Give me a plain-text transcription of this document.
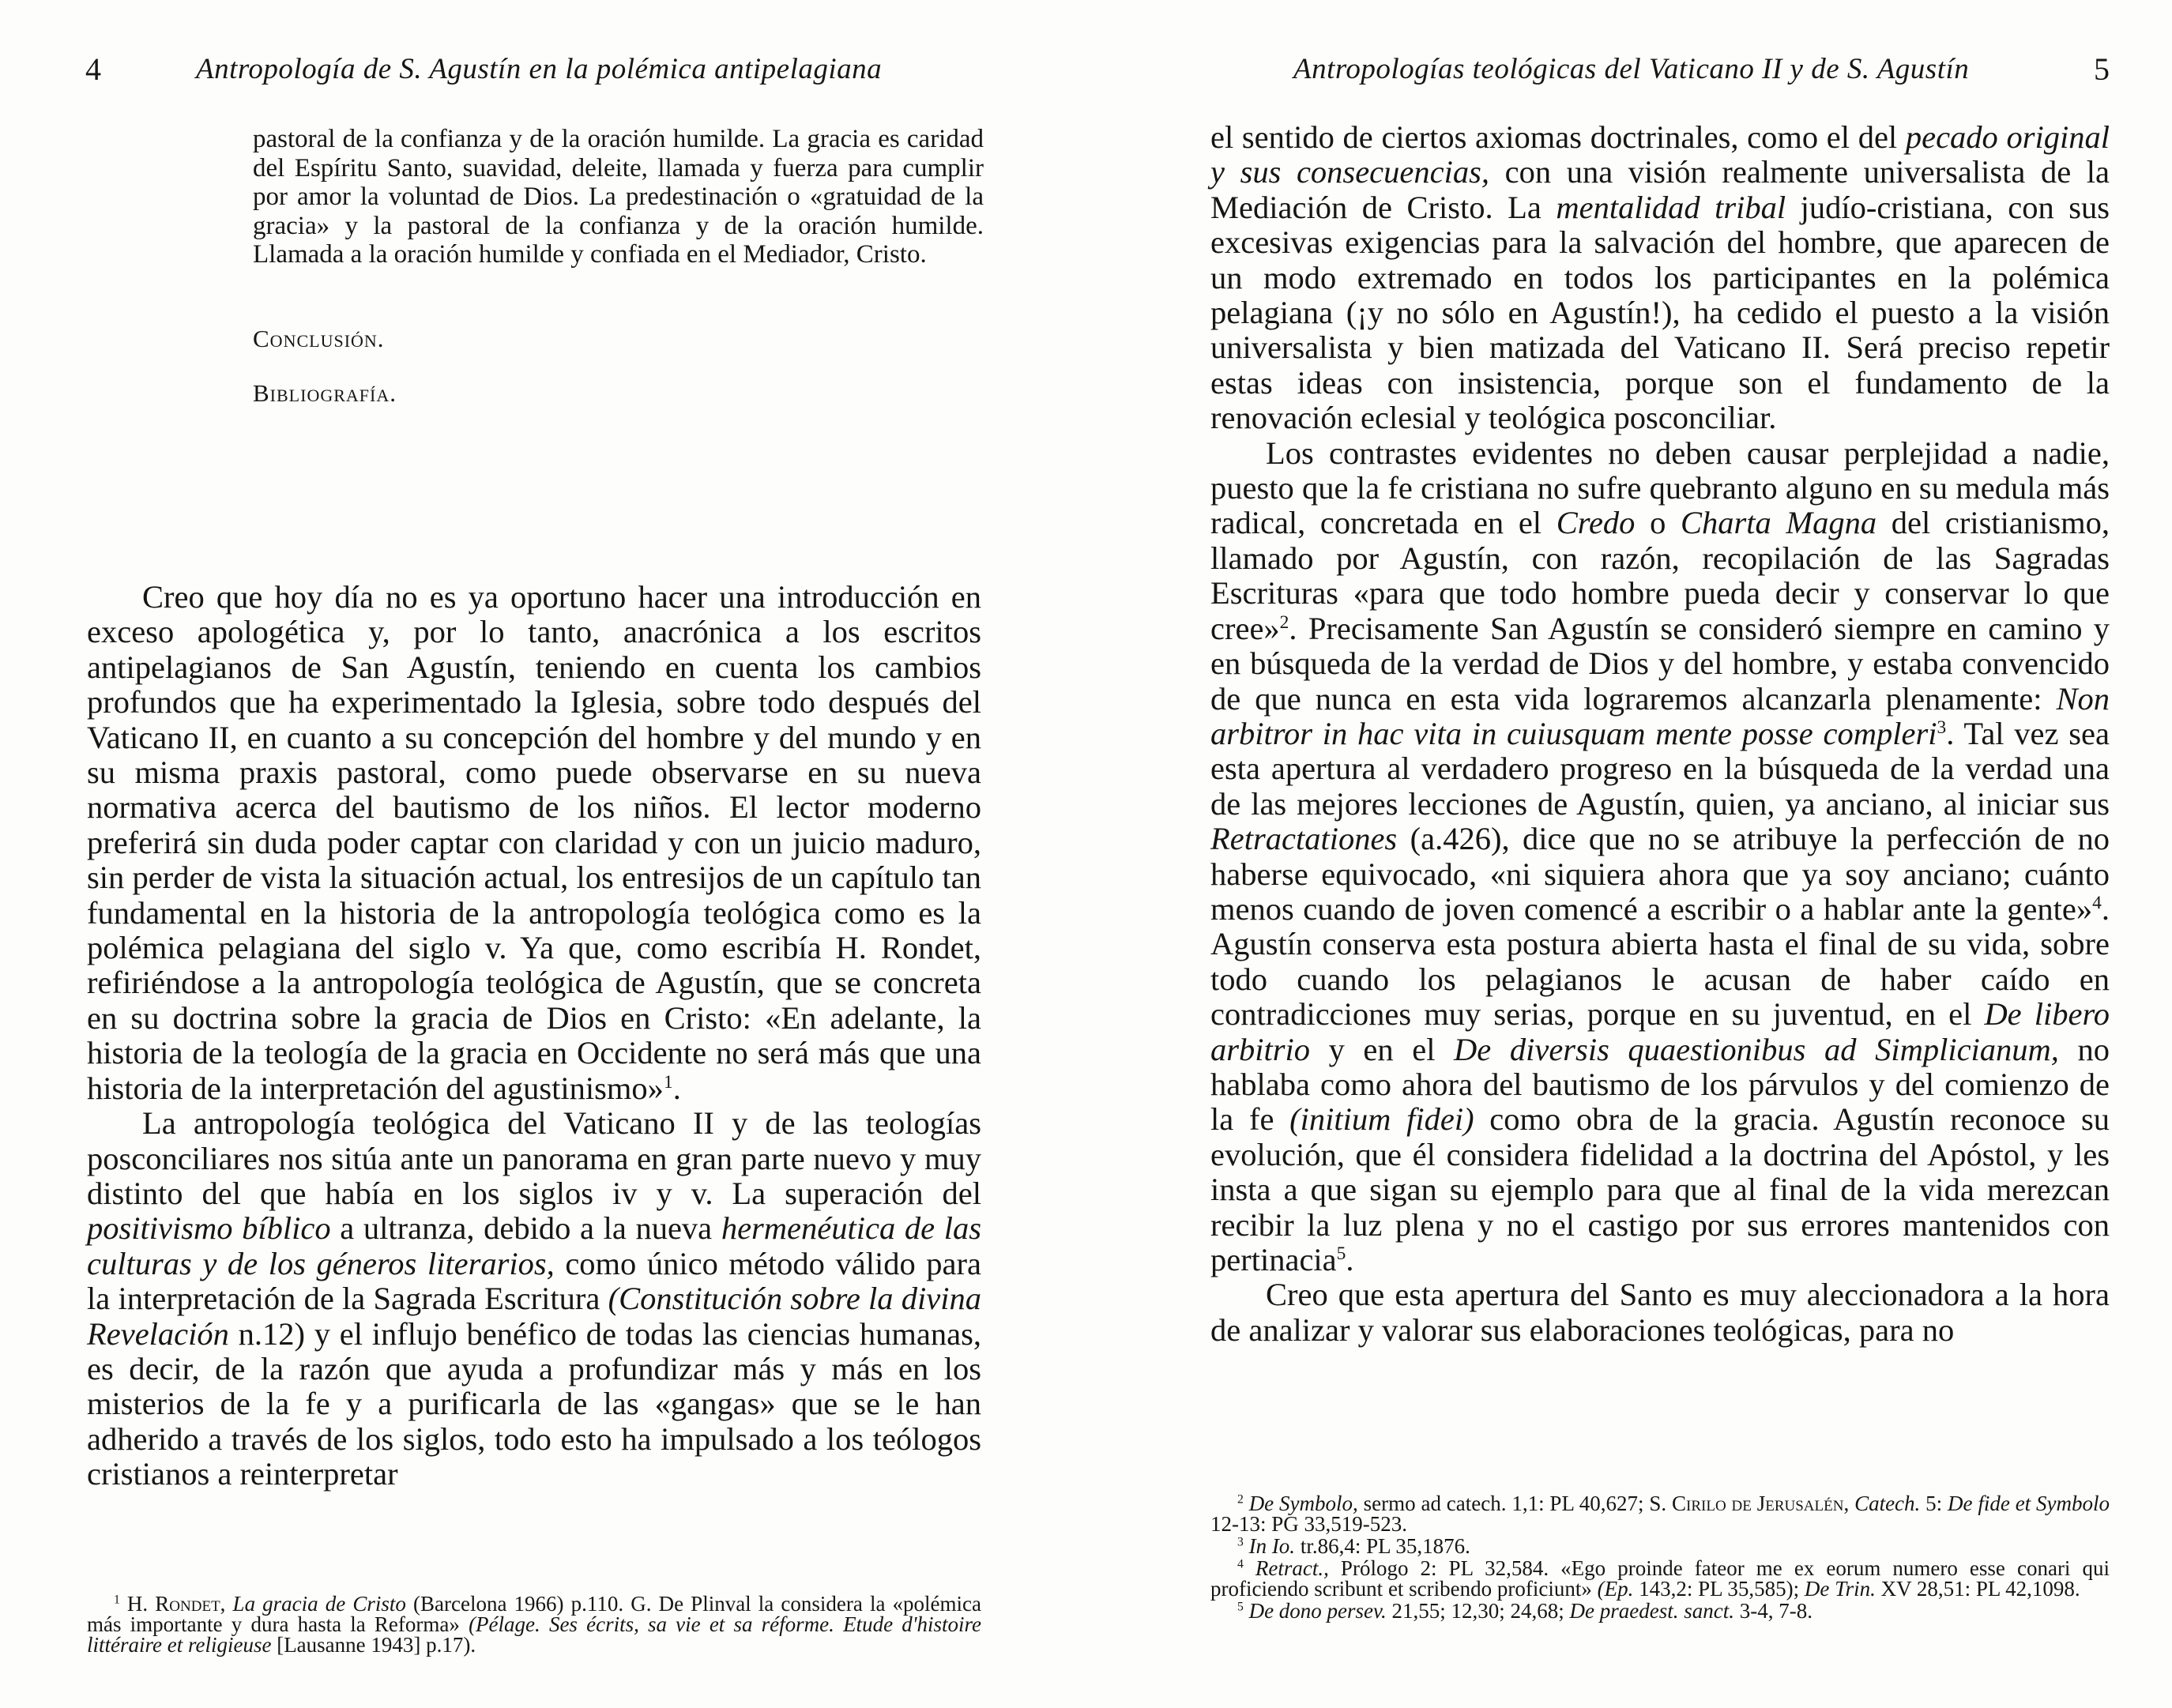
4	Antropología de S. Agustín en la polémica antipelagiana

pastoral de la confianza y de la oración humilde. La gracia es caridad del Espíritu Santo, suavidad, deleite, llamada y fuerza para cumplir por amor la voluntad de Dios. La predestinación o «gratuidad de la gracia» y la pastoral de la confianza y de la oración humilde. Llamada a la oración humilde y confiada en el Mediador, Cristo.

Conclusión.
Bibliografía.

Creo que hoy día no es ya oportuno hacer una introducción en exceso apologética y, por lo tanto, anacrónica a los escritos antipelagianos de San Agustín, teniendo en cuenta los cambios profundos que ha experimentado la Iglesia, sobre todo después del Vaticano II, en cuanto a su concepción del hombre y del mundo y en su misma praxis pastoral, como puede observarse en su nueva normativa acerca del bautismo de los niños. El lector moderno preferirá sin duda poder captar con claridad y con un juicio maduro, sin perder de vista la situación actual, los entresijos de un capítulo tan fundamental en la historia de la antropología teológica como es la polémica pelagiana del siglo v. Ya que, como escribía H. Rondet, refiriéndose a la antropología teológica de Agustín, que se concreta en su doctrina sobre la gracia de Dios en Cristo: «En adelante, la historia de la teología de la gracia en Occidente no será más que una historia de la interpretación del agustinismo»$^1$.

La antropología teológica del Vaticano II y de las teologías posconciliares nos sitúa ante un panorama en gran parte nuevo y muy distinto del que había en los siglos iv y v. La superación del positivismo bíblico a ultranza, debido a la nueva hermenéutica de las culturas y de los géneros literarios, como único método válido para la interpretación de la Sagrada Escritura (Constitución sobre la divina Revelación n.12) y el influjo benéfico de todas las ciencias humanas, es decir, de la razón que ayuda a profundizar más y más en los misterios de la fe y a purificarla de las «gangas» que se le han adherido a través de los siglos, todo esto ha impulsado a los teólogos cristianos a reinterpretar

$^1$ H. Rondet, La gracia de Cristo (Barcelona 1966) p.110. G. De Plinval la considera la «polémica más importante y dura hasta la Reforma» (Pélage. Ses écrits, sa vie et sa réforme. Etude d'histoire littéraire et religieuse [Lausanne 1943] p.17).

Antropologías teológicas del Vaticano II y de S. Agustín	5

el sentido de ciertos axiomas doctrinales, como el del pecado original y sus consecuencias, con una visión realmente universalista de la Mediación de Cristo. La mentalidad tribal judío-cristiana, con sus excesivas exigencias para la salvación del hombre, que aparecen de un modo extremado en todos los participantes en la polémica pelagiana (¡y no sólo en Agustín!), ha cedido el puesto a la visión universalista y bien matizada del Vaticano II. Será preciso repetir estas ideas con insistencia, porque son el fundamento de la renovación eclesial y teológica posconciliar.

Los contrastes evidentes no deben causar perplejidad a nadie, puesto que la fe cristiana no sufre quebranto alguno en su medula más radical, concretada en el Credo o Charta Magna del cristianismo, llamado por Agustín, con razón, recopilación de las Sagradas Escrituras «para que todo hombre pueda decir y conservar lo que cree»$^2$. Precisamente San Agustín se consideró siempre en camino y en búsqueda de la verdad de Dios y del hombre, y estaba convencido de que nunca en esta vida lograremos alcanzarla plenamente: Non arbitror in hac vita in cuiusquam mente posse compleri$^3$. Tal vez sea esta apertura al verdadero progreso en la búsqueda de la verdad una de las mejores lecciones de Agustín, quien, ya anciano, al iniciar sus Retractationes (a.426), dice que no se atribuye la perfección de no haberse equivocado, «ni siquiera ahora que ya soy anciano; cuánto menos cuando de joven comencé a escribir o a hablar ante la gente»$^4$. Agustín conserva esta postura abierta hasta el final de su vida, sobre todo cuando los pelagianos le acusan de haber caído en contradicciones muy serias, porque en su juventud, en el De libero arbitrio y en el De diversis quaestionibus ad Simplicianum, no hablaba como ahora del bautismo de los párvulos y del comienzo de la fe (initium fidei) como obra de la gracia. Agustín reconoce su evolución, que él considera fidelidad a la doctrina del Apóstol, y les insta a que sigan su ejemplo para que al final de la vida merezcan recibir la luz plena y no el castigo por sus errores mantenidos con pertinacia$^5$.

Creo que esta apertura del Santo es muy aleccionadora a la hora de analizar y valorar sus elaboraciones teológicas, para no

$^2$ De Symbolo, sermo ad catech. 1,1: PL 40,627; S. Cirilo de Jerusalén, Catech. 5: De fide et Symbolo 12-13: PG 33,519-523.

$^3$ In Io. tr.86,4: PL 35,1876.

$^4$ Retract., Prólogo 2: PL 32,584. «Ego proinde fateor me ex eorum numero esse conari qui proficiendo scribunt et scribendo proficiunt» (Ep. 143,2: PL 35,585); De Trin. XV 28,51: PL 42,1098.

$^5$ De dono persev. 21,55; 12,30; 24,68; De praedest. sanct. 3-4, 7-8.
